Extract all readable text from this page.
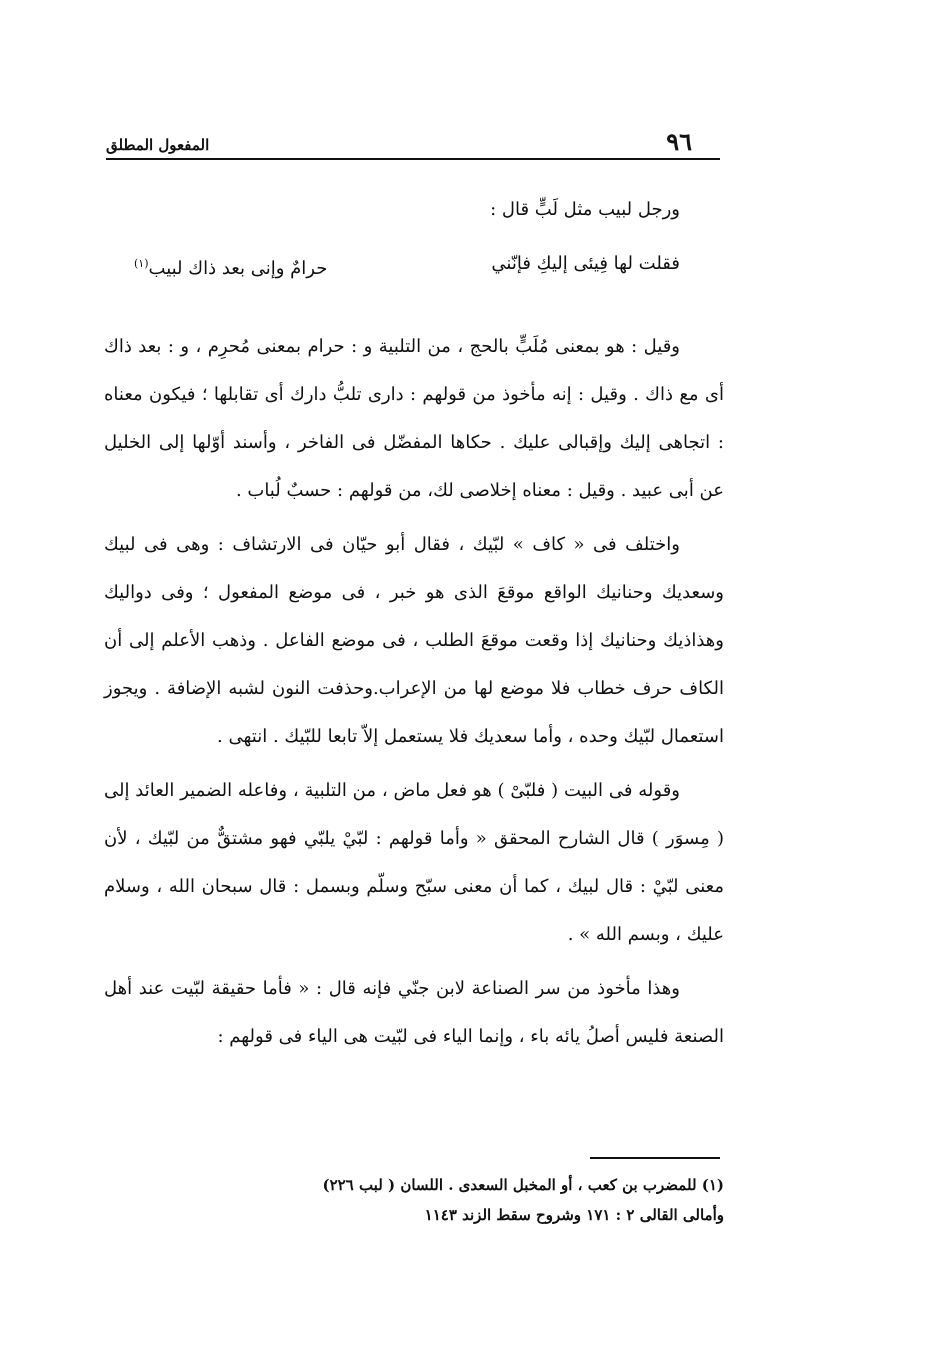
٩٦
المفعول المطلق

ورجل لبيب مثل لَبٍّ قال :

فقلت لها فِيئى إليكِ فإنّني
حرامٌ وإنى بعد ذاك لبيب$^{(١)}$

وقيل : هو بمعنى مُلَبٍّ بالحج ، من التلبية و : حرام بمعنى مُحرِم ، و : بعد ذاك أى مع ذاك . وقيل : إنه مأخوذ من قولهم : دارى تلبُّ دارك أى تقابلها ؛ فيكون معناه : اتجاهى إليك وإقبالى عليك . حكاها المفضّل فى الفاخر ، وأسند أوّلها إلى الخليل عن أبى عبيد . وقيل : معناه إخلاصى لك، من قولهم : حسبٌ لُباب .

واختلف فى « كاف » لبّيك ، فقال أبو حيّان فى الارتشاف : وهى فى لبيك وسعديك وحنانيك الواقع موقعَ الذى هو خبر ، فى موضع المفعول ؛ وفى دواليك وهذاذيك وحنانيك إذا وقعت موقعَ الطلب ، فى موضع الفاعل . وذهب الأعلم إلى أن الكاف حرف خطاب فلا موضع لها من الإعراب.وحذفت النون لشبه الإضافة . ويجوز استعمال لبّيك وحده ، وأما سعديك فلا يستعمل إلاّ تابعا للبّيك . انتهى .

وقوله فى البيت ( فلبّىْ ) هو فعل ماض ، من التلبية ، وفاعله الضمير العائد إلى ( مِسوَر ) قال الشارح المحقق « وأما قولهم : لبّيْ يلبّي فهو مشتقٌّ من لبّيك ، لأن معنى لبّيْ : قال لبيك ، كما أن معنى سبّح وسلّم وبسمل : قال سبحان الله ، وسلام عليك ، وبسم الله » .

وهذا مأخوذ من سر الصناعة لابن جنّي فإنه قال : « فأما حقيقة لبّيت عند أهل الصنعة فليس أصلُ يائه باء ، وإنما الياء فى لبّيت هى الياء فى قولهم :

(١) للمضرب بن كعب ، أو المخبل السعدى . اللسان ( لبب ٢٢٦)

وأمالى القالى ٢ : ١٧١ وشروح سقط الزند ١١٤٣
